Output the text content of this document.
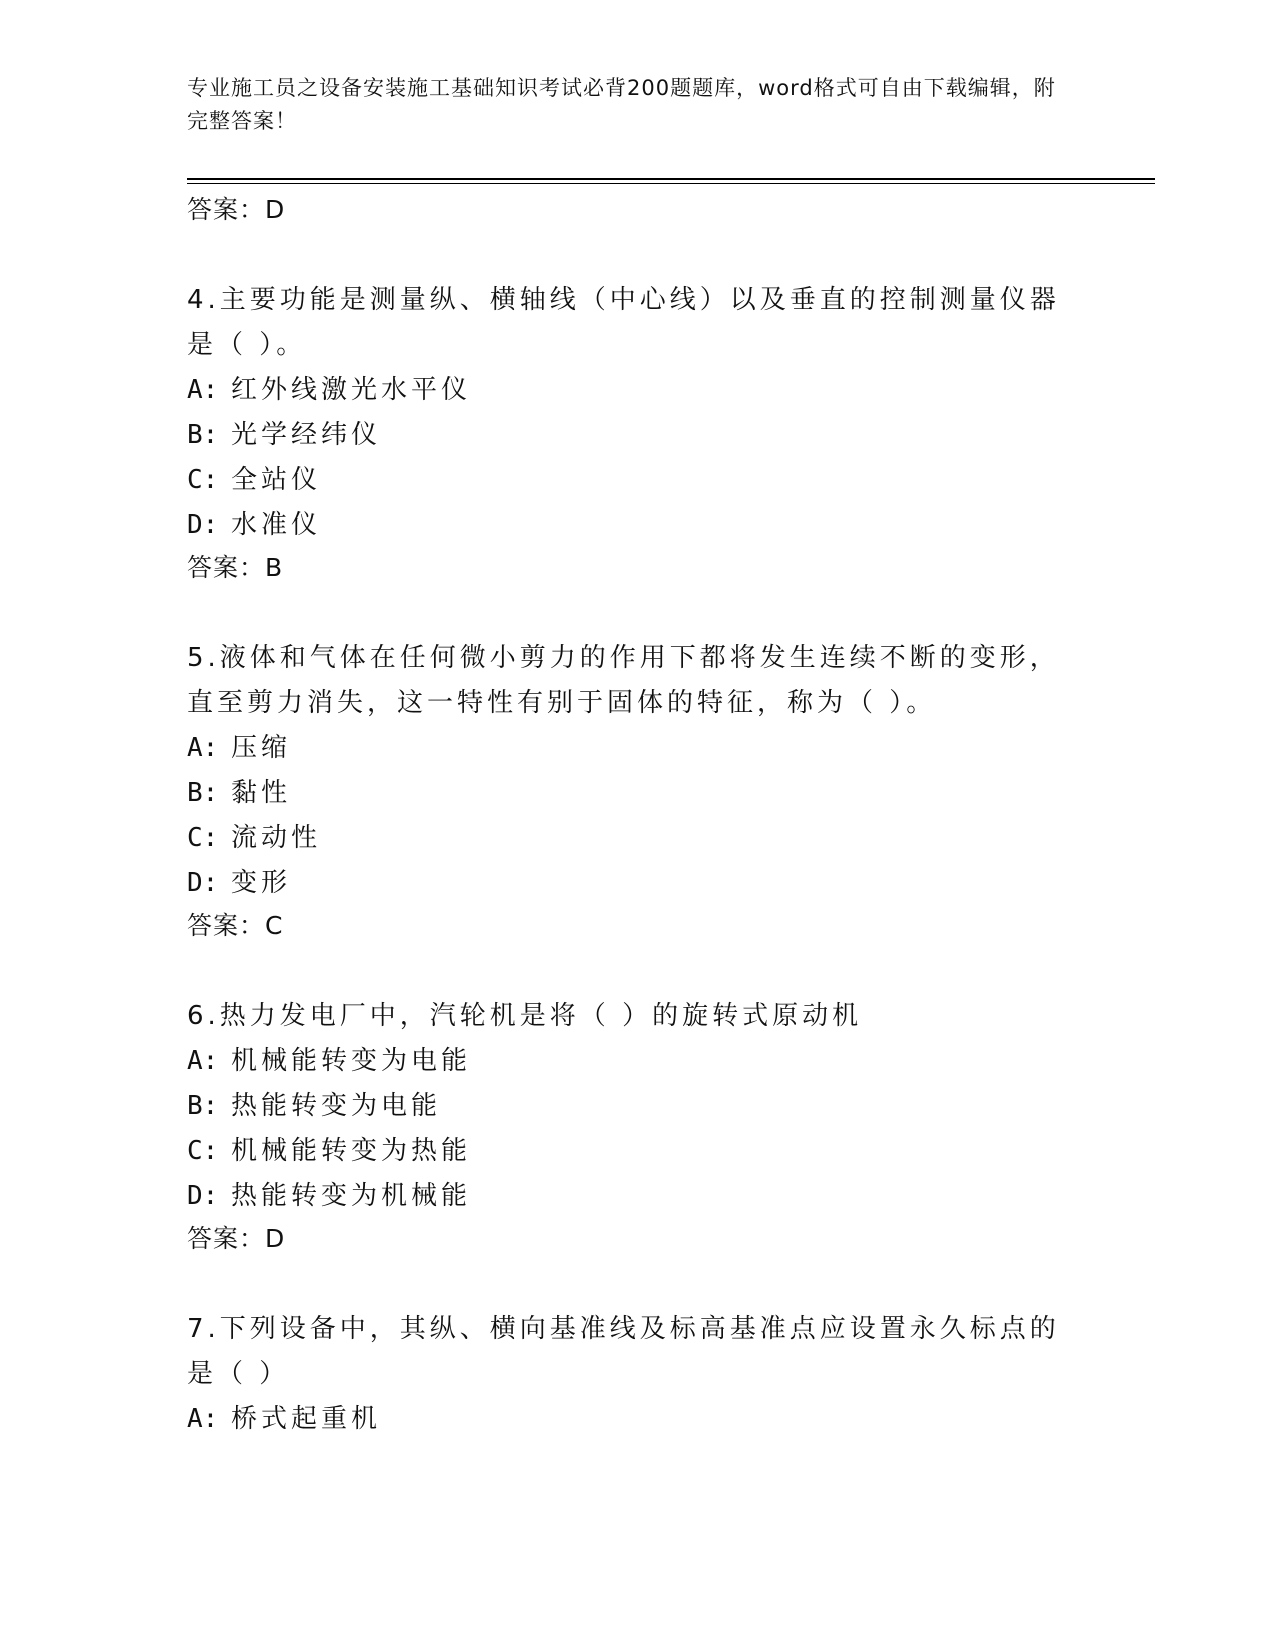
专业施工员之设备安装施工基础知识考试必背200题题库，word格式可自由下载编辑，附完整答案！
答案：D
4.主要功能是测量纵、横轴线（中心线）以及垂直的控制测量仪器是（ ）。
A: 红外线激光水平仪
B: 光学经纬仪
C: 全站仪
D: 水准仪
答案：B
5.液体和气体在任何微小剪力的作用下都将发生连续不断的变形，直至剪力消失，这一特性有别于固体的特征，称为（ ）。
A: 压缩
B: 黏性
C: 流动性
D: 变形
答案：C
6.热力发电厂中，汽轮机是将（ ）的旋转式原动机
A: 机械能转变为电能
B: 热能转变为电能
C: 机械能转变为热能
D: 热能转变为机械能
答案：D
7.下列设备中，其纵、横向基准线及标高基准点应设置永久标点的是（ ）
A: 桥式起重机
